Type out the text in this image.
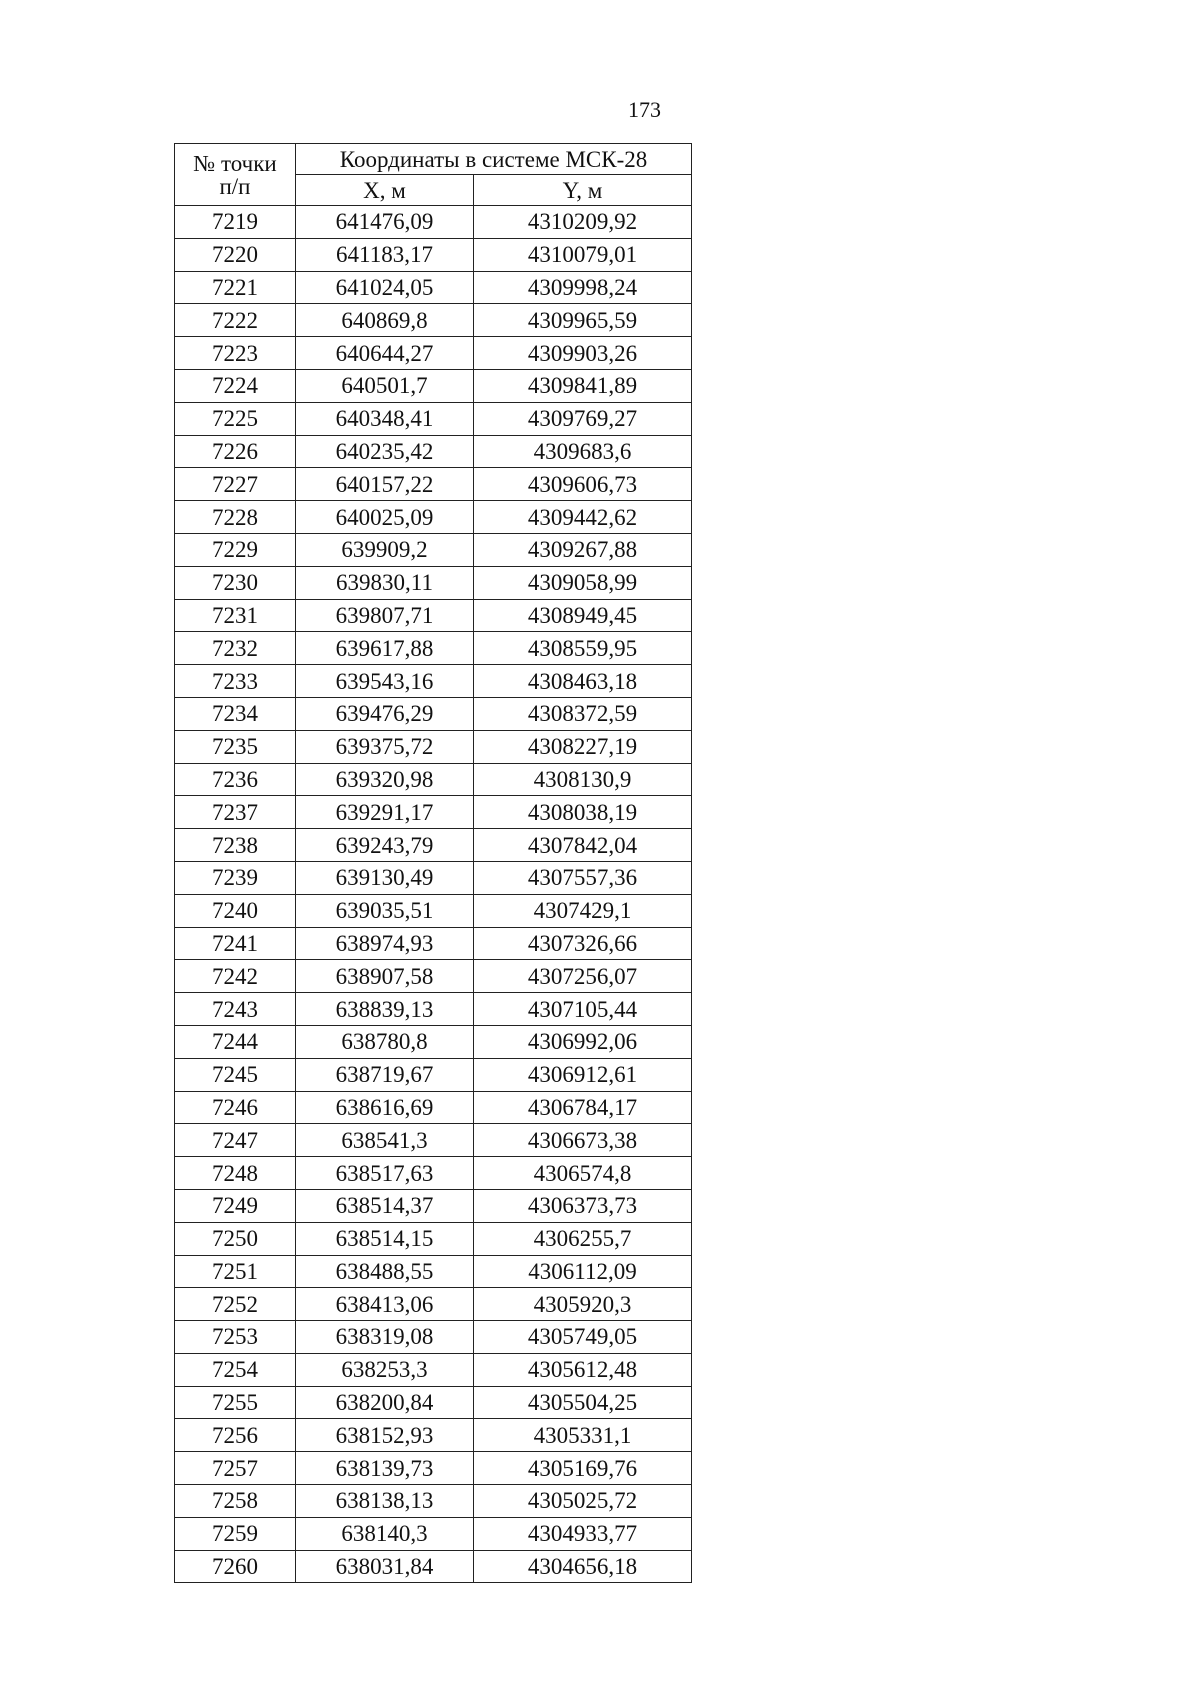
173
№ точки
п/п	Координаты в системе МСК-28	
	X, м	Y, м
7219	641476,09	4310209,92
7220	641183,17	4310079,01
7221	641024,05	4309998,24
7222	640869,8	4309965,59
7223	640644,27	4309903,26
7224	640501,7	4309841,89
7225	640348,41	4309769,27
7226	640235,42	4309683,6
7227	640157,22	4309606,73
7228	640025,09	4309442,62
7229	639909,2	4309267,88
7230	639830,11	4309058,99
7231	639807,71	4308949,45
7232	639617,88	4308559,95
7233	639543,16	4308463,18
7234	639476,29	4308372,59
7235	639375,72	4308227,19
7236	639320,98	4308130,9
7237	639291,17	4308038,19
7238	639243,79	4307842,04
7239	639130,49	4307557,36
7240	639035,51	4307429,1
7241	638974,93	4307326,66
7242	638907,58	4307256,07
7243	638839,13	4307105,44
7244	638780,8	4306992,06
7245	638719,67	4306912,61
7246	638616,69	4306784,17
7247	638541,3	4306673,38
7248	638517,63	4306574,8
7249	638514,37	4306373,73
7250	638514,15	4306255,7
7251	638488,55	4306112,09
7252	638413,06	4305920,3
7253	638319,08	4305749,05
7254	638253,3	4305612,48
7255	638200,84	4305504,25
7256	638152,93	4305331,1
7257	638139,73	4305169,76
7258	638138,13	4305025,72
7259	638140,3	4304933,77
7260	638031,84	4304656,18
